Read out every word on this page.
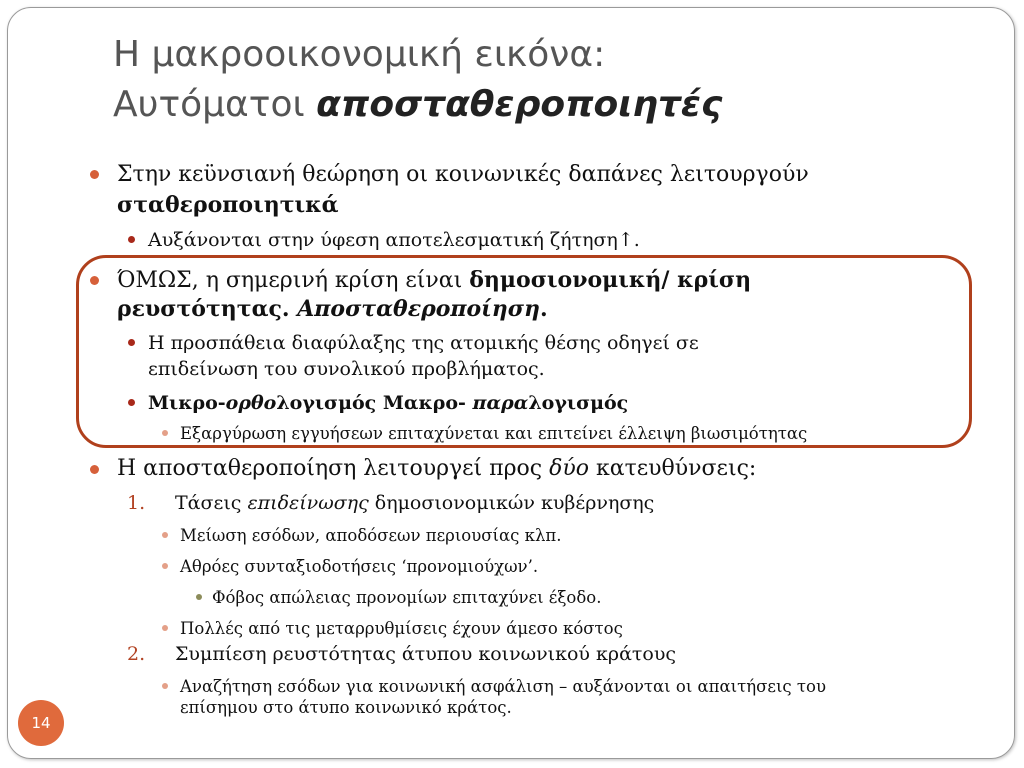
Η μακροοικονομική εικόνα:
Αυτόματοι αποσταθεροποιητές
Στην κεϋνσιανή θεώρηση οι κοινωνικές δαπάνες λειτουργούν
σταθεροποιητικά
Αυξάνονται στην ύφεση αποτελεσματική ζήτηση↑.
ΌΜΩΣ, η σημερινή κρίση είναι δημοσιονομική/ κρίση
ρευστότητας. Αποσταθεροποίηση.
Η προσπάθεια διαφύλαξης της ατομικής θέσης οδηγεί σε
επιδείνωση του συνολικού προβλήματος.
Μικρο-ορθολογισμός Μακρο- παραλογισμός
Εξαργύρωση εγγυήσεων επιταχύνεται και επιτείνει έλλειψη βιωσιμότητας
Η αποσταθεροποίηση λειτουργεί προς δύο κατευθύνσεις:
1. Τάσεις επιδείνωσης δημοσιονομικών κυβέρνησης
Μείωση εσόδων, αποδόσεων περιουσίας κλπ.
Αθρόες συνταξιοδοτήσεις ‘προνομιούχων’.
Φόβος απώλειας προνομίων επιταχύνει έξοδο.
Πολλές από τις μεταρρυθμίσεις έχουν άμεσο κόστος
2. Συμπίεση ρευστότητας άτυπου κοινωνικού κράτους
Αναζήτηση εσόδων για κοινωνική ασφάλιση – αυξάνονται οι απαιτήσεις του
επίσημου στο άτυπο κοινωνικό κράτος.
14
